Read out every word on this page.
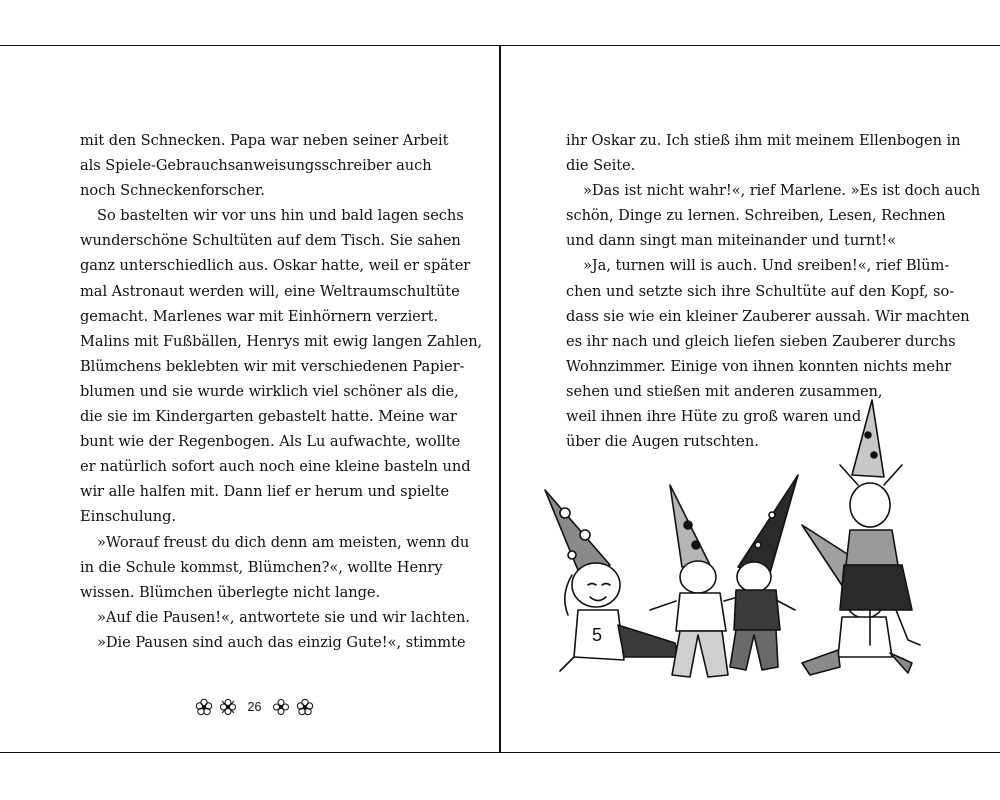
mit den Schnecken. Papa war neben seiner Arbeit
als Spiele-Gebrauchsanweisungsschreiber auch
noch Schneckenforscher.
So bastelten wir vor uns hin und bald lagen sechs
wunderschöne Schultüten auf dem Tisch. Sie sahen
ganz unterschiedlich aus. Oskar hatte, weil er später
mal Astronaut werden will, eine Weltraumschultüte
gemacht. Marlenes war mit Einhörnern verziert.
Malins mit Fußbällen, Henrys mit ewig langen Zahlen,
Blümchens beklebten wir mit verschiedenen Papier-
blumen und sie wurde wirklich viel schöner als die,
die sie im Kindergarten gebastelt hatte. Meine war
bunt wie der Regenbogen. Als Lu aufwachte, wollte
er natürlich sofort auch noch eine kleine basteln und
wir alle halfen mit. Dann lief er herum und spielte
Einschulung.
»Worauf freust du dich denn am meisten, wenn du
in die Schule kommst, Blümchen?«, wollte Henry
wissen. Blümchen überlegte nicht lange.
»Auf die Pausen!«, antwortete sie und wir lachten.
»Die Pausen sind auch das einzig Gute!«, stimmte
ihr Oskar zu. Ich stieß ihm mit meinem Ellenbogen in
die Seite.
»Das ist nicht wahr!«, rief Marlene. »Es ist doch auch
schön, Dinge zu lernen. Schreiben, Lesen, Rechnen
und dann singt man miteinander und turnt!«
»Ja, turnen will is auch. Und sreiben!«, rief Blüm-
chen und setzte sich ihre Schultüte auf den Kopf, so-
dass sie wie ein kleiner Zauberer aussah. Wir machten
es ihr nach und gleich liefen sieben Zauberer durchs
Wohnzimmer. Einige von ihnen konnten nichts mehr
sehen und stießen mit anderen zusammen,
weil ihnen ihre Hüte zu groß waren und
über die Augen rutschten.
26
5
